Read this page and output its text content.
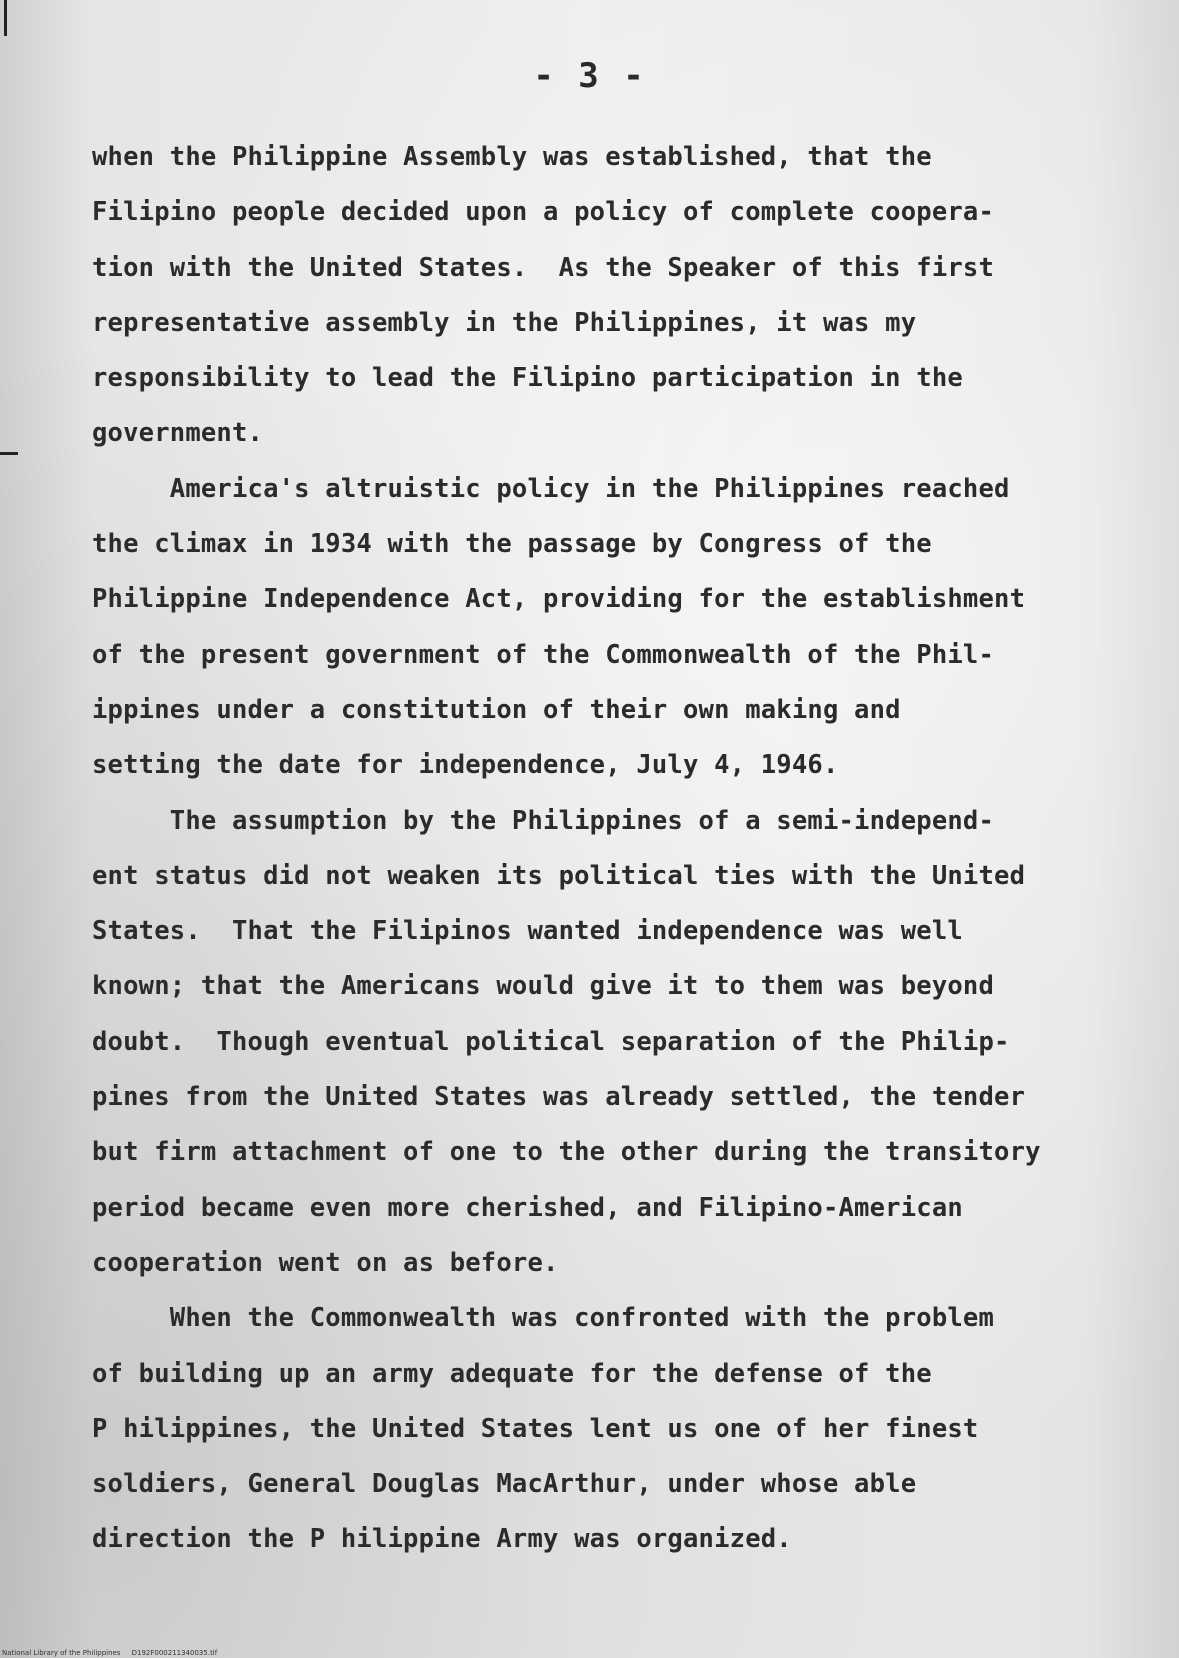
- 3 -
when the Philippine Assembly was established, that the
Filipino people decided upon a policy of complete coopera-
tion with the United States.  As the Speaker of this first
representative assembly in the Philippines, it was my
responsibility to lead the Filipino participation in the
government.
America's altruistic policy in the Philippines reached
the climax in 1934 with the passage by Congress of the
Philippine Independence Act, providing for the establishment
of the present government of the Commonwealth of the Phil-
ippines under a constitution of their own making and
setting the date for independence, July 4, 1946.
The assumption by the Philippines of a semi-independ-
ent status did not weaken its political ties with the United
States.  That the Filipinos wanted independence was well
known; that the Americans would give it to them was beyond
doubt.  Though eventual political separation of the Philip-
pines from the United States was already settled, the tender
but firm attachment of one to the other during the transitory
period became even more cherished, and Filipino-American
cooperation went on as before.
When the Commonwealth was confronted with the problem
of building up an army adequate for the defense of the
P hilippines, the United States lent us one of her finest
soldiers, General Douglas MacArthur, under whose able
direction the P hilippine Army was organized.
National Library of the Philippines     D192F000211340035.tif
